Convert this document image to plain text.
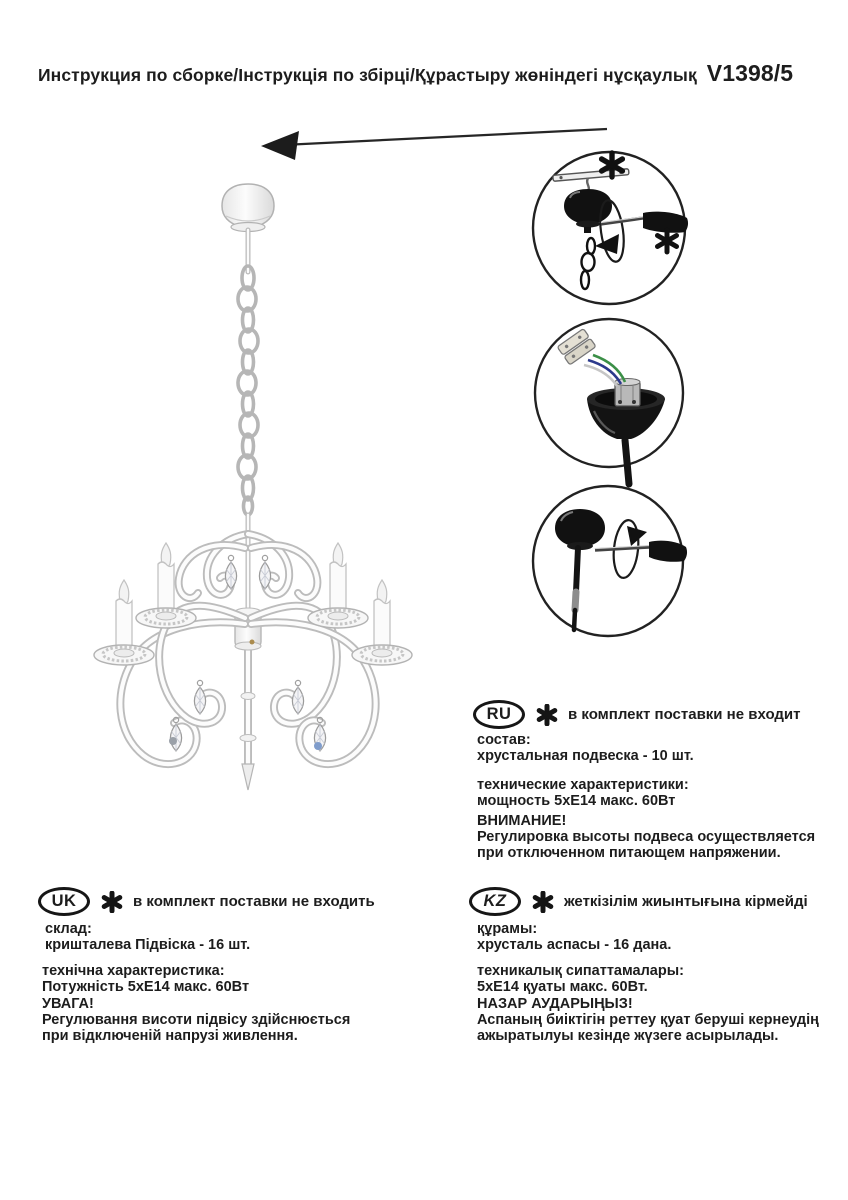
Инструкция по сборке/Інструкція по збірці/Құрастыру жөніндегі нұсқаулық V1398/5
RU	в комплект поставки не входит

состав:
хрустальная подвеска - 10 шт.

технические характеристики:
мощность 5xE14 макс. 60Вт

ВНИМАНИЕ!
Регулировка высоты подвеса осуществляется
при отключенном питающем напряжении.

UK	в комплект поставки не входить

склад:
кришталева Підвіска - 16 шт.

технічна характеристика:
Потужність 5xE14 макс. 60Вт

УВАГА!
Регулювання висоти підвісу здійснюється
при відключеній напрузі живлення.

KZ	жеткізілім жиынтығына кірмейді

құрамы:
хрусталь аспасы - 16 дана.

техникалық сипаттамалары:
5xE14 қуаты макс. 60Вт.

НАЗАР АУДАРЫҢЫЗ!
Аспаның биіктігін реттеу қуат беруші кернеудің
ажыратылуы кезінде жүзеге асырылады.
